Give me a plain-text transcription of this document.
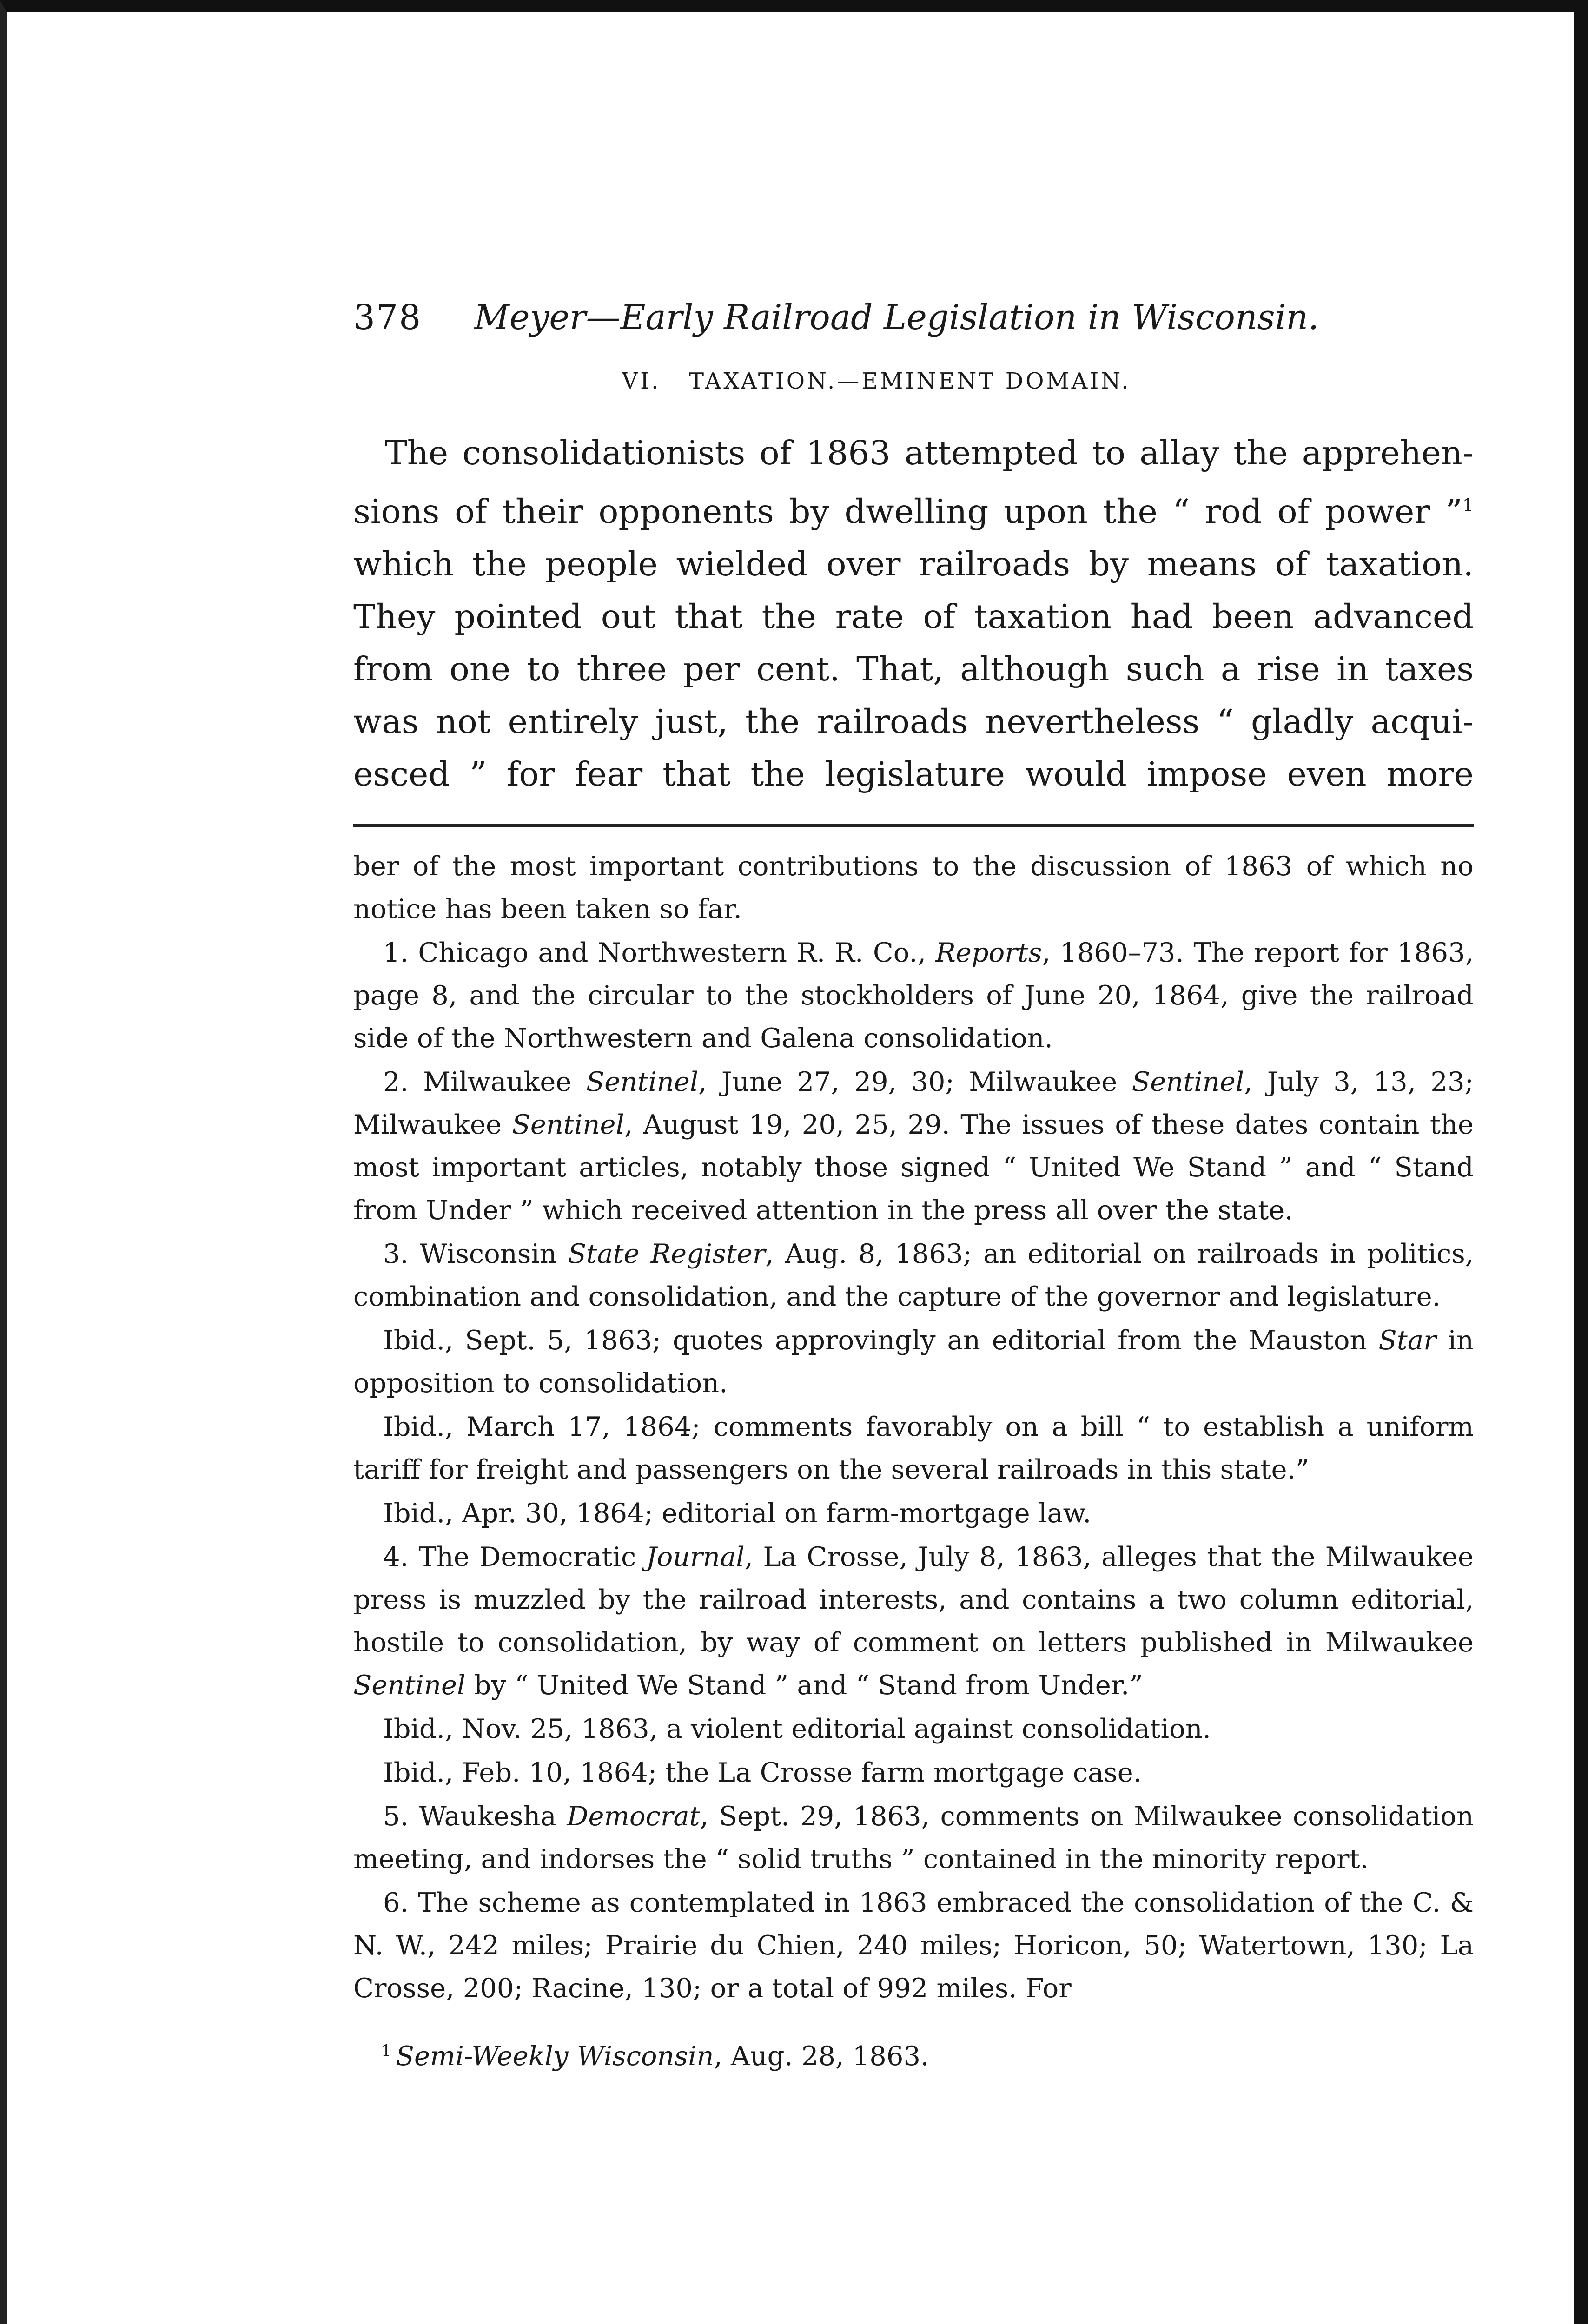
378	Meyer—Early Railroad Legislation in Wisconsin.
VI.   TAXATION.—EMINENT DOMAIN.
The consolidationists of 1863 attempted to allay the apprehen-
sions of their opponents by dwelling upon the “ rod of power ”$^1$
which the people wielded over railroads by means of taxation.
They pointed out that the rate of taxation had been advanced
from one to three per cent. That, although such a rise in taxes
was not entirely just, the railroads nevertheless “ gladly acqui-
esced ” for fear that the legislature would impose even more

ber of the most important contributions to the discussion of 1863 of which no notice has been taken so far.

1. Chicago and Northwestern R. R. Co., Reports, 1860–73. The report for 1863, page 8, and the circular to the stockholders of June 20, 1864, give the railroad side of the Northwestern and Galena consolidation.

2. Milwaukee Sentinel, June 27, 29, 30; Milwaukee Sentinel, July 3, 13, 23; Milwaukee Sentinel, August 19, 20, 25, 29. The issues of these dates contain the most important articles, notably those signed “ United We Stand ” and “ Stand from Under ” which received attention in the press all over the state.

3. Wisconsin State Register, Aug. 8, 1863; an editorial on railroads in politics, combination and consolidation, and the capture of the governor and legislature.

Ibid., Sept. 5, 1863; quotes approvingly an editorial from the Mauston Star in opposition to consolidation.

Ibid., March 17, 1864; comments favorably on a bill “ to establish a uniform tariff for freight and passengers on the several railroads in this state.”

Ibid., Apr. 30, 1864; editorial on farm-mortgage law.

4. The Democratic Journal, La Crosse, July 8, 1863, alleges that the Milwaukee press is muzzled by the railroad interests, and contains a two column editorial, hostile to consolidation, by way of comment on letters published in Milwaukee Sentinel by “ United We Stand ” and “ Stand from Under.”

Ibid., Nov. 25, 1863, a violent editorial against consolidation.

Ibid., Feb. 10, 1864; the La Crosse farm mortgage case.

5. Waukesha Democrat, Sept. 29, 1863, comments on Milwaukee consolidation meeting, and indorses the “ solid truths ” contained in the minority report.

6. The scheme as contemplated in 1863 embraced the consolidation of the C. & N. W., 242 miles; Prairie du Chien, 240 miles; Horicon, 50; Watertown, 130; La Crosse, 200; Racine, 130; or a total of 992 miles. For

$^1$ Semi-Weekly Wisconsin, Aug. 28, 1863.
